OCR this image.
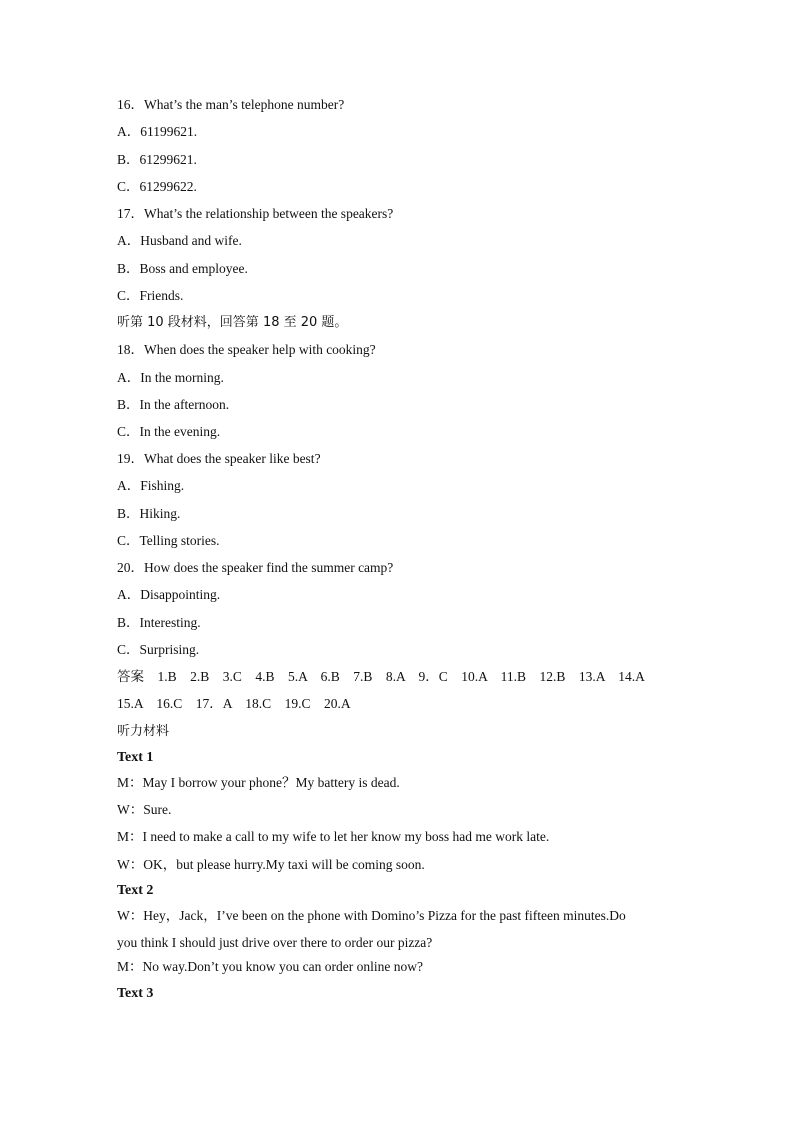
16．What’s the man’s telephone number?
A．61199621.
B．61299621.
C．61299622.
17．What’s the relationship between the speakers?
A．Husband and wife.
B．Boss and employee.
C．Friends.
听第 10 段材料，回答第 18 至 20 题。
18．When does the speaker help with cooking?
A．In the morning.
B．In the afternoon.
C．In the evening.
19．What does the speaker like best?
A．Fishing.
B．Hiking.
C．Telling stories.
20．How does the speaker find the summer camp?
A．Disappointing.
B．Interesting.
C．Surprising.
答案    1.B    2.B    3.C    4.B    5.A    6.B    7.B    8.A    9．C    10.A    11.B    12.B    13.A    14.A
15.A    16.C    17．A    18.C    19.C    20.A
听力材料
Text 1
M：May I borrow your phone？My battery is dead.
W：Sure.
M：I need to make a call to my wife to let her know my boss had me work late.
W：OK，but please hurry.My taxi will be coming soon.
Text 2
W：Hey，Jack，I’ve been on the phone with Domino’s Pizza for the past fifteen minutes.Do
you think I should just drive over there to order our pizza?
M：No way.Don’t you know you can order online now?
Text 3
